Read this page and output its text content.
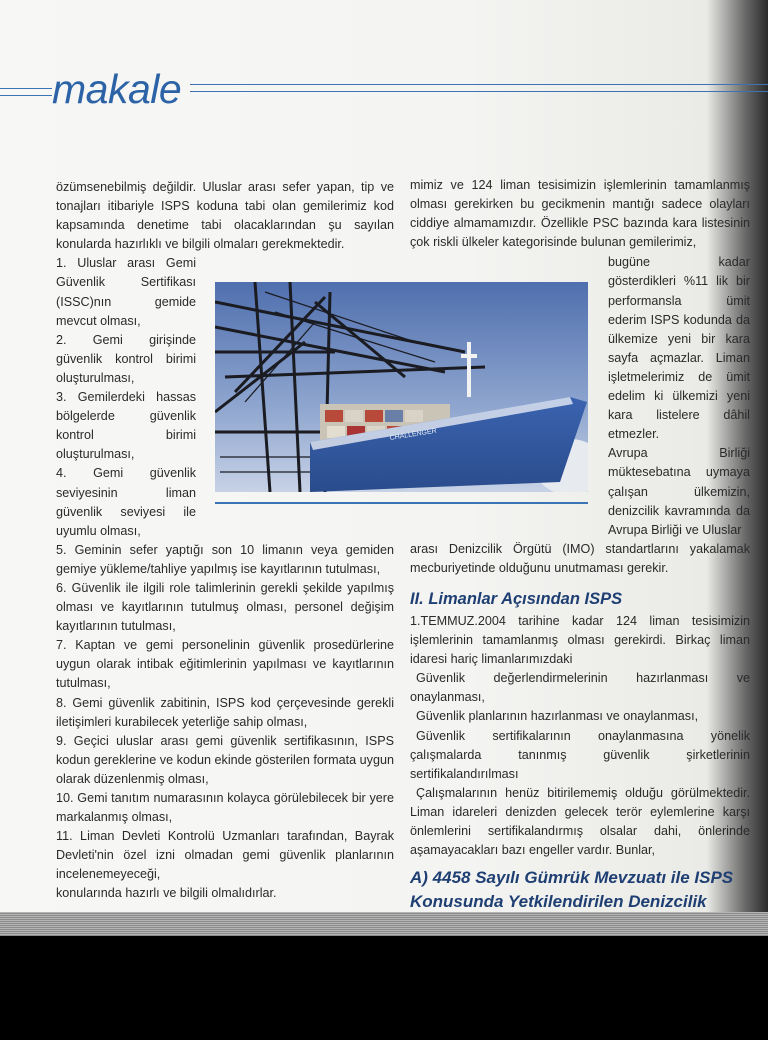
makale

özümsenebilmiş değildir. Uluslar arası sefer yapan, tip ve tonajları itibariyle ISPS koduna tabi olan gemilerimiz kod kapsamında denetime tabi olacaklarından şu sayılan konularda hazırlıklı ve bilgili olmaları gerekmektedir.

1. Uluslar arası Gemi Güvenlik Sertifikası (ISSC)nın gemide mevcut olması,

2. Gemi girişinde güvenlik kontrol birimi oluşturulması,

3. Gemilerdeki hassas bölgelerde güvenlik kontrol birimi oluşturulması,

4. Gemi güvenlik seviyesinin liman güvenlik seviyesi ile uyumlu olması,

5. Geminin sefer yaptığı son 10 limanın veya gemiden gemiye yükleme/tahliye yapılmış ise kayıtlarının tutulması,

6. Güvenlik ile ilgili role talimlerinin gerekli şekilde yapılmış olması ve kayıtlarının tutulmuş olması, personel değişim kayıtlarının tutulması,

7. Kaptan ve gemi personelinin güvenlik prosedürlerine uygun olarak intibak eğitimlerinin yapılması ve kayıtlarının tutulması,

8. Gemi güvenlik zabitinin, ISPS kod çerçevesinde gerekli iletişimleri kurabilecek yeterliğe sahip olması,

9. Geçici uluslar arası gemi güvenlik sertifikasının, ISPS kodun gereklerine ve kodun ekinde gösterilen formata uygun olarak düzenlenmiş olması,

10. Gemi tanıtım numarasının kolayca görülebilecek bir yere markalanmış olması,

11. Liman Devleti Kontrolü Uzmanları tarafından, Bayrak Devleti'nin özel izni olmadan gemi güvenlik planlarının incelenemeyeceği,

konularında hazırlı ve bilgili olmalıdırlar.

CHALLENGER

mimiz ve 124 liman tesisimizin işlemlerinin tamamlanmış olması gerekirken bu gecikmenin mantığı sadece olayları ciddiye almamamızdır. Özellikle PSC bazında kara listesinin çok riskli ülkeler kategorisinde bulunan gemilerimiz,

bugüne kadar gösterdikleri %11 lik bir performansla ümit ederim ISPS kodunda da ülkemize yeni bir kara sayfa açmazlar. Liman işletmelerimiz de ümit edelim ki ülkemizi yeni kara listelere dâhil etmezler.

Avrupa Birliği müktesebatına uymaya çalışan ülkemizin, denizcilik kavramında da Avrupa Birliği ve Uluslar

arası Denizcilik Örgütü (IMO) standartlarını yakalamak mecburiyetinde olduğunu unutmaması gerekir.

II. Limanlar Açısından ISPS

1.TEMMUZ.2004 tarihine kadar 124 liman tesisimizin işlemlerinin tamamlanmış olması gerekirdi. Birkaç liman idaresi hariç limanlarımızdaki

Güvenlik değerlendirmelerinin hazırlanması ve onaylanması,

Güvenlik planlarının hazırlanması ve onaylanması,

Güvenlik sertifikalarının onaylanmasına yönelik çalışmalarda tanınmış güvenlik şirketlerinin sertifikalandırılması

Çalışmalarının henüz bitirilememiş olduğu görülmektedir. Liman idareleri denizden gelecek terör eylemlerine karşı önlemlerini sertifikalandırmış olsalar dahi, önlerinde aşamayacakları bazı engeller vardır. Bunlar,

A) 4458 Sayılı Gümrük Mevzuatı ile ISPS Konusunda Yetkilendirilen Denizcilik
